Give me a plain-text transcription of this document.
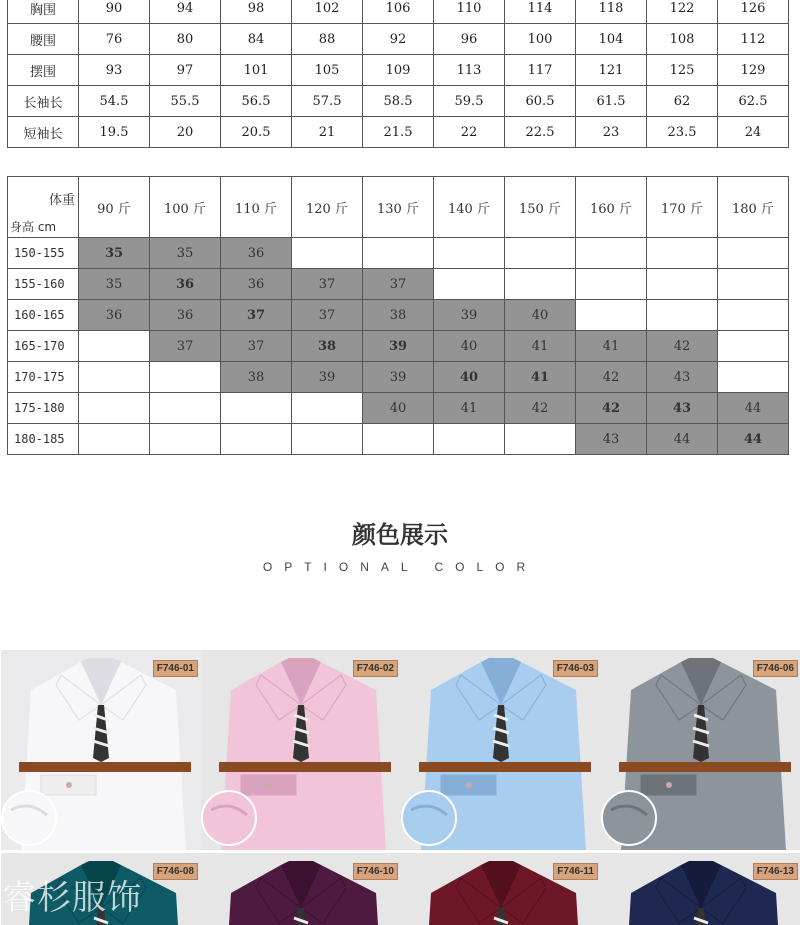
胸围	90	94	98	102	106	110	114	118	122	126
腰围	76	80	84	88	92	96	100	104	108	112
摆围	93	97	101	105	109	113	117	121	125	129
长袖长	54.5	55.5	56.5	57.5	58.5	59.5	60.5	61.5	62	62.5
短袖长	19.5	20	20.5	21	21.5	22	22.5	23	23.5	24
体重
身高 cm	90 斤	100 斤	110 斤	120 斤	130 斤	140 斤	150 斤	160 斤	170 斤	180 斤
150-155	35	35	36							
155-160	35	36	36	37	37					
160-165	36	36	37	37	38	39	40			
165-170		37	37	38	39	40	41	41	42	
170-175			38	39	39	40	41	42	43	
175-180					40	41	42	42	43	44
180-185								43	44	44
颜色展示
OPTIONAL COLOR
F746-01	F746-02	F746-03	F746-06
F746-08	F746-10	F746-11	F746-13
睿杉服饰
